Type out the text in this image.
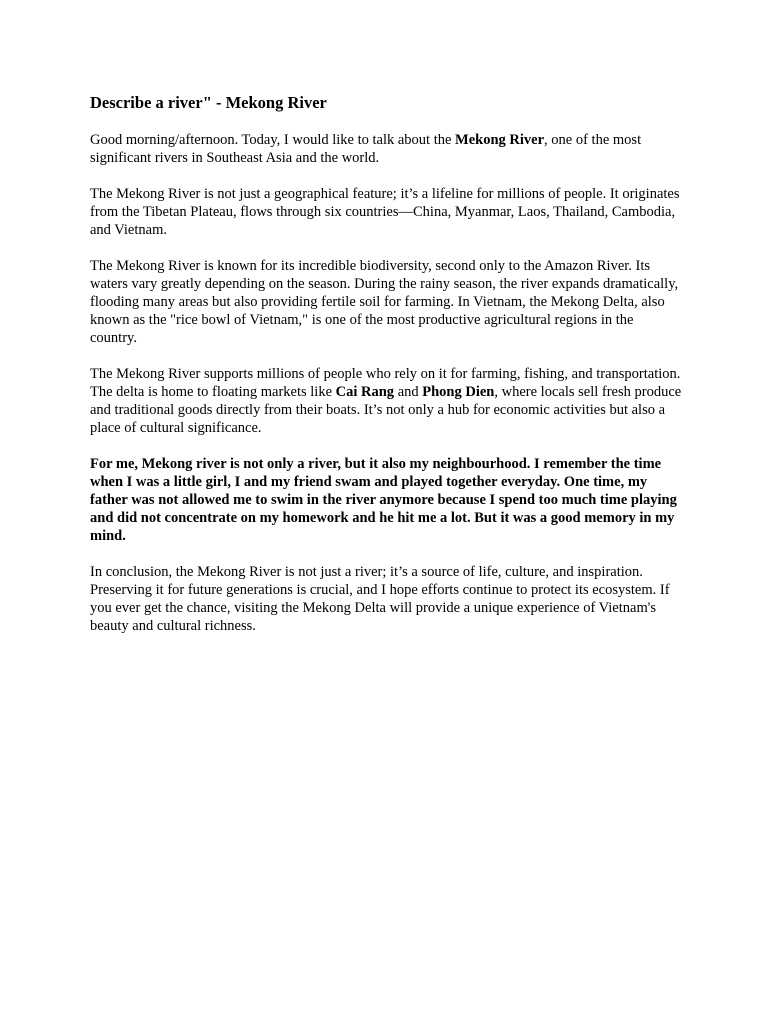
Describe a river" - Mekong River

Good morning/afternoon. Today, I would like to talk about the Mekong River, one of the most significant rivers in Southeast Asia and the world.

The Mekong River is not just a geographical feature; it’s a lifeline for millions of people. It originates from the Tibetan Plateau, flows through six countries—China, Myanmar, Laos, Thailand, Cambodia, and Vietnam.

The Mekong River is known for its incredible biodiversity, second only to the Amazon River. Its waters vary greatly depending on the season. During the rainy season, the river expands dramatically, flooding many areas but also providing fertile soil for farming. In Vietnam, the Mekong Delta, also known as the "rice bowl of Vietnam," is one of the most productive agricultural regions in the country.

The Mekong River supports millions of people who rely on it for farming, fishing, and transportation. The delta is home to floating markets like Cai Rang and Phong Dien, where locals sell fresh produce and traditional goods directly from their boats. It’s not only a hub for economic activities but also a place of cultural significance.

For me, Mekong river is not only a river, but it also my neighbourhood. I remember the time when I was a little girl, I and my friend swam and played together everyday. One time, my father was not allowed me to swim in the river anymore because I spend too much time playing and did not concentrate on my homework and he hit me a lot. But it was a good memory in my mind.

In conclusion, the Mekong River is not just a river; it’s a source of life, culture, and inspiration. Preserving it for future generations is crucial, and I hope efforts continue to protect its ecosystem. If you ever get the chance, visiting the Mekong Delta will provide a unique experience of Vietnam's beauty and cultural richness.
